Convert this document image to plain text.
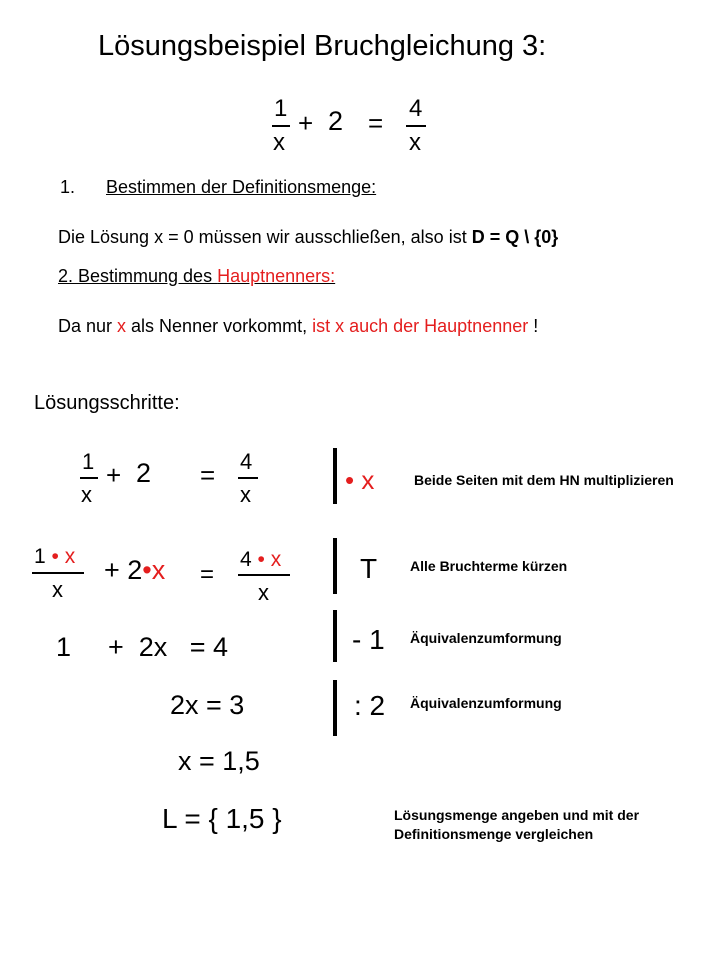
Lösungsbeispiel Bruchgleichung 3:
1
x
+ 2 = 4
x
1. Bestimmen der Definitionsmenge:
Die Lösung x = 0 müssen wir ausschließen, also ist D = Q \ {0}
2. Bestimmung des Hauptnenners:
Da nur x als Nenner vorkommt, ist x auch der Hauptnenner !
Lösungsschritte:
1
x
+ 2 = 4
x	• x	Beide Seiten mit dem HN multiplizieren
1 • x
x
+ 2•x =
4 • x
x
T Alle Bruchterme kürzen
1 +  2x   = 4	- 1 Äquivalenzumformung
2x = 3	: 2 Äquivalenzumformung
x = 1,5
L = { 1,5 }	Lösungsmenge angeben und mit der
Definitionsmenge vergleichen
